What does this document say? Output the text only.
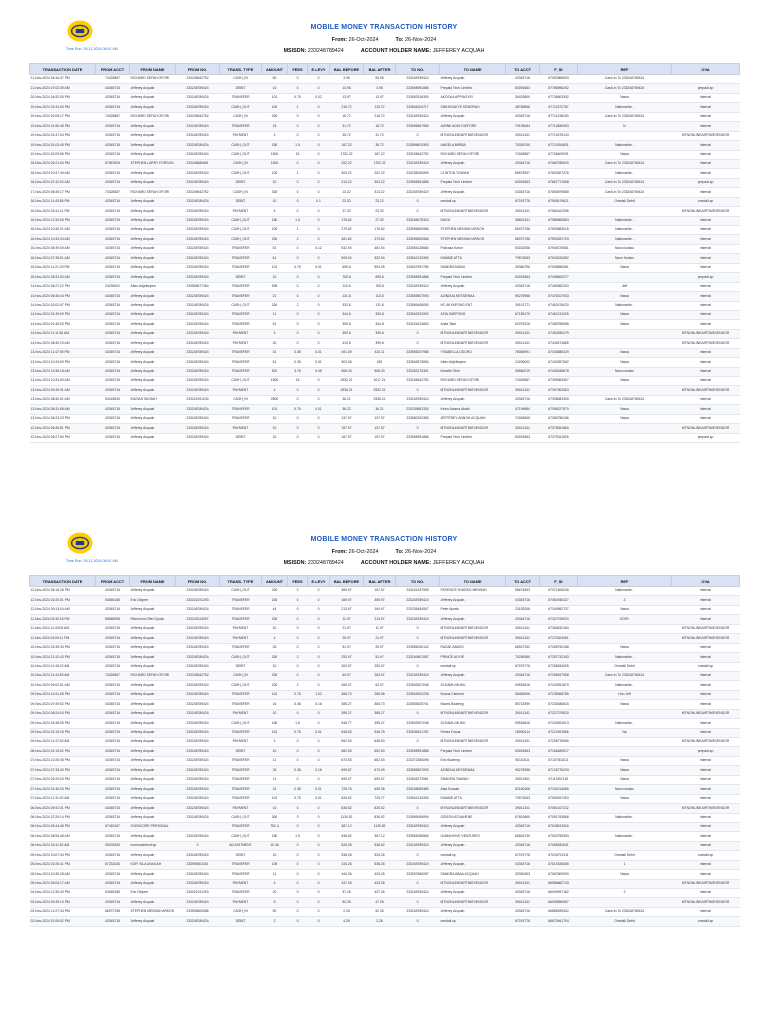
Time Run: 26-11-2024 08:51 AM
MOBILE MONEY TRANSACTION HISTORY
From: 26-Oct-2024	To: 26-Nov-2024
MSISDN: 233248789424	ACCOUNT HOLDER NAME: JEFFEREY ACQUAH
TRANSACTION DATE	FROM ACCT	FROM NAME	FROM NO.	TRANS. TYPE	AMOUNT	FEES	E-LEVY	BAL BEFORE	BAL AFTER	TO NO.	TO NAME	TO ACCT	F_ID	REF	OVA
21-Nov-2024 04:44:47 PM	74328587	RICHARD SEFAH OFORI	233245642752	CASH_IN	50	0	0	3.96	53.96	233248789424	Jefferey Acquah	43345716	67952866593	Cash-In To 233248789424	
21-Nov-2024 07:02:39 AM	43345716	Jefferey Acquah	233248789424	DEBIT	10	0	0	13.96	3.96	233598951886	Prepaid Tech Limited	63091863	67785596292	Cash-In To 233248789424	prepaid.sp
20-Nov-2024 04:52:05 PM	43345716	Jefferey Acquah	233248789424	TRANSFER	101	0.75	0.02	13.97	13.97	233553316300	AKOSUA APPIAGYEI	30433809	67736603392	Nawa	internal
19-Nov-2024 02:31:03 PM	43345716	Jefferey Acquah	233248789424	CASH_OUT	100	1	0	216.72	115.72	233545204717	SIMI BOAKYE DEBORAH	48785858	67711572787	Nationwide -	internal
19-Nov-2024 02:09:17 PM	74328587	RICHARD SEFAH OFORI	233245642752	CASH_IN	200	0	0	16.72	216.72	233248789424	Jefferey Acquah	43345716	67711238183	Cash-In To 233248789424	internal
19-Nov-2024 01:50:48 PM	43345716	Jefferey Acquah	233248789424	TRANSFER	15	0	0	31.72	16.72	233596567980	AWINE AGEH DEFORE	79135084	67710836353	N	internal
19-Nov-2024 01:47:04 PM	43345716	Jefferey Acquah	233248789424	PAYMENT	4	0	0	35.72	31.72	0	MTNONLINEAIRTIMEVENDOR	39011341	67710475143		MTNONLINEAIRTIMEVENDOR
19-Nov-2024 01:03:45 PM	43345716	Jefferey Acquah	233248789424	CASH_OUT	150	1.5	0	187.22	35.72	233598624393	ANGELA BIRIBA	70026700	67710294631	Nationwide -	internal
19-Nov-2024 02:09:56 PM	43345716	Jefferey Acquah	233248789424	CASH_OUT	1500	15	0	1702.22	187.22	233245642752	RICHARD SEFAH OFORI	74328587	67706409931	Nawa	internal
18-Nov-2024 02:21:04 PM	57967626	STEPHEN LARRY FORSON	233245680661	CASH_IN	1500	0	0	202.22	1702.22	233248789424	Jefferey Acquah	43345716	67682785529	Cash-In To 233248789424	internal
18-Nov-2024 10:47:49 AM	43345716	Jefferey Acquah	233248789424	CASH_OUT	100	1	0	303.22	202.22	233238250899	CLINTON TUWIAH	66575537	67692827276	Nationwide -	internal
18-Nov-2024 07:42:02 AM	43345716	Jefferey Acquah	233248789424	DEBIT	10	0	0	313.22	303.22	233598951886	Prepaid Tech Limited	63091863	67667771558	Cash-In To 233248789424	prepaid.sp
17-Nov-2024 08:49:17 PM	74328587	RICHARD SEFAH OFORI	233245642752	CASH_IN	300	0	0	13.22	313.22	233248789424	Jefferey Acquah	43345716	67650879868	Cash-In To 233248789424	internal
16-Nov-2024 11:43:55 PM	43345716	Jefferey Acquah	233248789424	DEBIT	10	0	0.1	23.32	23.22	0	onedall.sp	67076778	67595479621	Onedall Debit	onedall.sp
16-Nov-2024 02:41:11 PM	43345716	Jefferey Acquah	233248789424	PAYMENT	4	0	0	27.32	23.32	0	MTNONLINEAIRTIMEVENDOR	39011341	67584102396		MTNONLINEAIRTIMEVENDOR
16-Nov-2024 12:34:05 PM	43345716	Jefferey Acquah	233248789424	CASH_OUT	150	1.5	0	178.82	27.32	233245075323	HUDU	38601341	67556960863	Nationwide -	internal
16-Nov-2024 10:40:21 AM	43345716	Jefferey Acquah	233248789424	CASH_OUT	100	1	0	279.82	178.82	233596500586	STEPHEN MENSAH ARKOH	66972758	67553583016	Nationwide -	internal
16-Nov-2024 10:33:43 AM	43345716	Jefferey Acquah	233248789424	CASH_OUT	200	2	0	481.82	279.82	233596500586	STEPHEN MENSAH ARKOH	66972758	67553281703	Nationwide -	internal
16-Nov-2024 08:39:09 AM	43345716	Jefferey Acquah	233248789424	TRANSFER	51	0	0.12	532.94	481.94	233554228680	Policasa Kofori	54032058	67546729861	Nowo kwaku	internal
16-Nov-2024 07:35:51 AM	43345716	Jefferey Acquah	233248789424	TRANSFER	61	0	0	593.94	532.94	233542126390	KWAME ATTA	79573063	67543226352	Nonn Kwaku	internal
15-Nov-2024 11:21:29 PM	43345716	Jefferey Acquah	233248789424	TRANSFER	101	0.75	0.01	695.8	594.05	233547957780	SANDRA MANU	39380796	67535656361	Nawa	internal
15-Nov-2024 08:31:53 AM	43345716	Jefferey Acquah	233248789424	DEBIT	10	0	0	705.8	695.8	233598951886	Prepaid Tech Limited	63091863	67496600377		prepaid.sp
14-Nov-2024 08:27:22 PM	24290002	Atteo Adjeitwyew	233505677464	TRANSFER	595	0	0	110.8	705.8	233248789424	Jefferey Acquah	43345716	67480582253	Jeff	internal
14-Nov-2024 06:46:44 PM	43345716	Jefferey Acquah	233248789424	TRANSFER	21	0	0	131.8	110.8	233555507093	AZINDUA KESSEWAA	95275958	67476317933	Nawa	internal
14-Nov-2024 02:02:57 PM	43345716	Jefferey Acquah	233248789424	CASH_OUT	200	2	0	333.8	131.8	233556408050	HC AKYAPONG ENT.	39101771	67462478420	Nationwide -	internal
14-Nov-2024 01:39:09 PM	43345716	Jefferey Acquah	233248789424	TRANSFER	11	0	0	344.8	333.8	233549231992	AFIA SARPONG	67155179	67462131925	Nawa	internal
14-Nov-2024 01:40:03 PM	43345716	Jefferey Acquah	233248789424	TRANSFER	51	0	0	395.8	344.8	233241613663	Anita Tabri	62975226	67455788985	Nawa	internal
14-Nov-2024 11:11:56 AM	43345716	Jefferey Acquah	233248789424	PAYMENT	4	0	0	399.8	395.8	0	MTNONLINEAIRTIMEVENDOR	39011341	67452530479		MTNONLINEAIRTIMEVENDOR
14-Nov-2024 08:40:19 AM	43345716	Jefferey Acquah	233248789424	PAYMENT	20	0	0	419.8	399.8	0	MTNONLINEAIRTIMEVENDOR	39011341	67445474886		MTNONLINEAIRTIMEVENDOR
13-Nov-2024 11:47:35 PM	43345716	Jefferey Acquah	233248789424	TRANSFER	31	0.38	0.01	451.09	420.11	233555207986	YISABELLA ODURO	78086991	67433686329	Nawa	internal
13-Nov-2024 10:43:09 PM	43345716	Jefferey Acquah	233248789424	TRANSFER	51	0.38	0.01	503.36	452	233549573654	Atteo Adjeitwyew	24290002	67432697582	Nawa	internal
13-Nov-2024 10:35:18 AM	43345716	Jefferey Acquah	233248789424	TRANSFER	501	3.76	0.05	508.43	508.43	233263170301	Kenethi Ofori	39580219	67405188678	Nowo kwaku	internal
13-Nov-2024 10:31:09 AM	43345716	Jefferey Acquah	233248789424	CASH_OUT	1500	15	0	2532.21	1017.21	233245642752	RICHARD SEFAH OFORI	74328587	67499063907	Nawa	internal
13-Nov-2024 09:49:31 AM	43345716	Jefferey Acquah	233248789424	PAYMENT	4	0	0	2536.21	2532.21	0	MTNONLINEAIRTIMEVENDOR	39011341	67397903363		MTNONLINEAIRTIMEVENDOR
13-Nov-2024 08:40:01 AM	54163849	INUSAH INUSAH	233241991230	CASH_IN	2500	0	0	36.21	2536.21	233248789424	Jefferey Acquah	43345716	67396084305	Cash-In To 233248789424	internal
13-Nov-2024 08:31:58 AM	43345716	Jefferey Acquah	233248789424	TRANSFER	101	0.75	0.01	38.22	36.21	233239851330	Kevin Adoma Abaid	47199884	67396227579	Nawa	internal
13-Nov-2024 08:23:23 PM	43345716	Jefferey Acquah	233248789424	TRANSFER	10	0	0	137.97	137.97	233550292389	JEFFEREY ANNOH ACQUAH	74328605	67380756186	Nawa	internal
12-Nov-2024 06:40:51 PM	43345716	Jefferey Acquah	233248789424	PAYMENT	10	0	0	157.97	137.97	0	MTNONLINEAIRTIMEVENDOR	39011341	67375091869		MTNONLINEAIRTIMEVENDOR
12-Nov-2024 06:27:54 PM	43345716	Jefferey Acquah	233248789424	DEBIT	10	0	0	167.97	157.97	233598951886	Prepaid Tech Limited	63091863	67375311828		prepaid.sp
Time Run: 26-11-2024 08:51 AM
MOBILE MONEY TRANSACTION HISTORY
From: 26-Oct-2024	To: 26-Nov-2024
MSISDN: 233248789424	ACCOUNT HOLDER NAME: JEFFEREY ACQUAH
TRANSACTION DATE	FROM ACCT	FROM NAME	FROM NO.	TRANS. TYPE	AMOUNT	FEES	E-LEVY	BAL BEFORE	BAL AFTER	TO NO.	TO NAME	TO ACCT	F_ID	REF	OVA
12-Nov-2024 05:16:28 PM	43345716	Jefferey Acquah	233248789424	CASH_OUT	200	2	0	369.97	167.97	233241337905	PATIENCE NYARKO MENSAH	56674853	67371408206	Nationwide -	internal
12-Nov-2024 02:20:01 PM	54065185	Eric Obyere	233202191293	TRANSFER	200	0	0	169.97	369.97	233248789424	Jefferey Acquah	43345716	67364930427	Z	internal
12-Nov-2024 09:13:04 AM	43345716	Jefferey Acquah	233248789424	TRANSFER	44	0	0	213.97	169.97	233235484507	Peter Aprato	23153208	67349952737	Nawa	internal
11-Nov-2024 03:30:18 PM	58665996	Richmond Offei Opoku	233243313097	TRANSFER	200	0	0	11.97	213.97	233248789424	Jefferey Acquah	43345716	67327378929	SORY	internal
11-Nov-2024 11:43:09 AM	43345716	Jefferey Acquah	233248789424	PAYMENT	10	0	0	21.97	11.97	0	MTNONLINEAIRTIMEVENDOR	39011341	67308432184		MTNONLINEAIRTIMEVENDOR
11-Nov-2024 03:09:11 PM	43345716	Jefferey Acquah	233248789424	PAYMENT	4	0	0	25.97	21.97	0	MTNONLINEAIRTIMEVENDOR	39011341	67270324961		MTNONLINEAIRTIMEVENDOR
10-Nov-2024 02:39:43 PM	43345716	Jefferey Acquah	233248789424	TRANSFER	26	0	0	51.97	25.97	233555030142	RAZAK ABASS	66527252	67285790188	Nawa	internal
10-Nov-2024 12:12:43 PM	43345716	Jefferey Acquah	233248789424	CASH_OUT	200	2	0	253.97	51.97	233249407087	PRINCE AGYIE	70258360	67257732343	Nationwide -	internal
10-Nov-2024 11:48:22 AM	43345716	Jefferey Acquah	233248789424	DEBIT	10	0	0	263.97	253.97	0	onedall.sp	67076778	67256534005	Onedall Debit	onedall.sp
10-Nov-2024 11:44:53 AM	74328587	RICHARD SEFAH OFORI	233245642752	CASH_IN	200	0	0	63.97	263.97	233248789424	Jefferey Acquah	43345716	67256457958	Cash-In To 233248789424	internal
10-Nov-2024 09:02:51 AM	43345716	Jefferey Acquah	233248789424	CASH_OUT	200	2	0	265.97	63.97	233549207046	GLEAMU MUKU	09526818	67249251879	Nationwide -	internal
09-Nov-2024 10:41:05 PM	43345716	Jefferey Acquah	233248789424	TRANSFER	101	0.75	1.02	368.73	266.98	233543092238	Nuuna Clement	08489906	67235068785	Hon Jeff	internal
09-Nov-2024 07:49:52 PM	43345716	Jefferey Acquah	233248789424	TRANSFER	16	0.38	0.16	385.27	368.73	233535405741	Naomi Boateng	55718399	67230486815	Nawa	internal
09-Nov-2024 06:24:04 PM	43345716	Jefferey Acquah	233248789424	PAYMENT	10	0	0	395.27	385.27	0	MTNONLINEAIRTIMEVENDOR	39011341	67227379520		MTNONLINEAIRTIMEVENDOR
09-Nov-2024 04:46:05 PM	43345716	Jefferey Acquah	233248789424	CASH_OUT	150	1.5	0	546.77	395.27	233549207046	GLEAMU MUKU	09526818	67226924513	Nationwide -	internal
09-Nov-2024 01:19:16 PM	43345716	Jefferey Acquah	233248789424	TRANSFER	101	0.75	0.01	648.53	546.78	233536921787	Felicia Fosua	18990414	67211951566	Na	internal
09-Nov-2024 11:47:03 AM	43345716	Jefferey Acquah	233248789424	PAYMENT	4	0	0	652.53	648.53	0	MTNONLINEAIRTIMEVENDOR	39011341	67206776980		MTNONLINEAIRTIMEVENDOR
08-Nov-2024 01:13:02 PM	43345716	Jefferey Acquah	233248789424	DEBIT	10	0	0	662.53	652.53	233598951886	Prepaid Tech Limited	63091863	67166489917		prepaid.sp
07-Nov-2024 10:20:48 PM	43345716	Jefferey Acquah	233248789424	TRANSFER	11	0	0	673.53	662.53	233272380096	Eric Boateng	50110011	67137301011	Nawa	internal
07-Nov-2024 07:33:40 PM	43345716	Jefferey Acquah	233248789424	TRANSFER	26	0.38	0.16	699.87	673.49	233555507093	AZINDUA KESSEWAA	95275958	67126776293	Nawa	internal
07-Nov-2024 02:29:03 PM	43345716	Jefferey Acquah	233248789424	TRANSFER	11	0	0	699.07	699.07	233545273961	SHAKIRA TAWIAH	39011961	67111557181	Nawa	internal
07-Nov-2024 01:30:03 PM	43345716	Jefferey Acquah	233248789424	TRANSFER	31	0.38	0.01	726.76	695.38	233248089380	Alaa Kossah	52160408	67100214685	Nowo kwaku	internal
07-Nov-2024 11:31:02 AM	43345716	Jefferey Acquah	233248789424	TRANSFER	101	0.75	0.01	826.52	725.77	233542126390	KWAME ATTA	79573063	67083097453	Nawa	internal
06-Nov-2024 09:41:31 PM	43345716	Jefferey Acquah	233248789424	PAYMENT	10	0	0	836.52	826.52	0	MTNONLINEAIRTIMEVENDOR	39011341	67051167232		MTNONLINEAIRTIMEVENDOR
06-Nov-2024 07:29:14 PM	43345716	Jefferey Acquah	233248789424	CASH_OUT	300	3	0	1139.52	836.52	233599008999	GIDEON ATUAHENE	67602860	67051793868	Nationwide -	internal
06-Nov-2024 05:44:48 PM	67481167	OVENCORE PERSONAL		TRANSFER	752.4	0	0	387.12	1139.52	233248789424	Jefferey Acquah	43345716	67045674316		internal
06-Nov-2024 08:54:48 AM	43345716	Jefferey Acquah	233248789424	CASH_OUT	150	1.5	0	538.62	387.12	233554056565	GUMAHVIVE VENTURES	66504739	67002755383	Nationwide -	internal
06-Nov-2024 03:11:52 AM	39078269	momomintend.sp	0	ADJUSTMENT	10.36	0	0	528.26	538.62	233248789424	Jefferey Acquah	43345716	67056534031		internal
05-Nov-2024 10:07:34 PM	43345716	Jefferey Acquah	233248789424	DEBIT	10	0	0	538.26	528.26	0	onedall.sp	67076778	67026791311	Onedall Debit	onedall.sp
05-Nov-2024 02:26:41 PM	67232026	KOFI SILA ANAGAH	233595301151	TRANSFER	105	0	0	433.26	538.26	233248789424	Jefferey Acquah	43345716	67015338365	1	internal
05-Nov-2024 10:39:28 AM	43345716	Jefferey Acquah	233248789424	TRANSFER	11	0	0	444.26	433.26	233597860087	SANDRA ABAA ACQUAH	32990363	67087609099	Nawa	internal
05-Nov-2024 09:04:17 AM	43345716	Jefferey Acquah	233248789424	PAYMENT	4	0	0	437.26	433.26	0	MTNONLINEAIRTIMEVENDOR	39011341	66986662743		MTNONLINEAIRTIMEVENDOR
04-Nov-2024 12:30:43 PM	54065185	Eric Obyere	233202191293	TRANSFER	20	0	0	37.26	437.26	233248789424	Jefferey Acquah	43345716	66949997182	2	internal
03-Nov-2024 09:39:19 PM	43345716	Jefferey Acquah	233248789424	PAYMENT	5	0	0	52.26	47.26	0	MTNONLINEAIRTIMEVENDOR	39011341	66905556567		MTNONLINEAIRTIMEVENDOR
03-Nov-2024 12:27:34 PM	66972758	STEPHEN MENSAH ARKOH	233596500586	CASH_IN	50	0	0	2.26	52.26	233248789424	Jefferey Acquah	43345716	66885495302	Cash-In To 233248789424	internal
02-Nov-2024 07:09:52 PM	43345716	Jefferey Acquah	233248789424	DEBIT	2	0	0	4.26	2.26	0	onedall.sp	67076778	66870941794	Onedall Debit	onedall.sp
